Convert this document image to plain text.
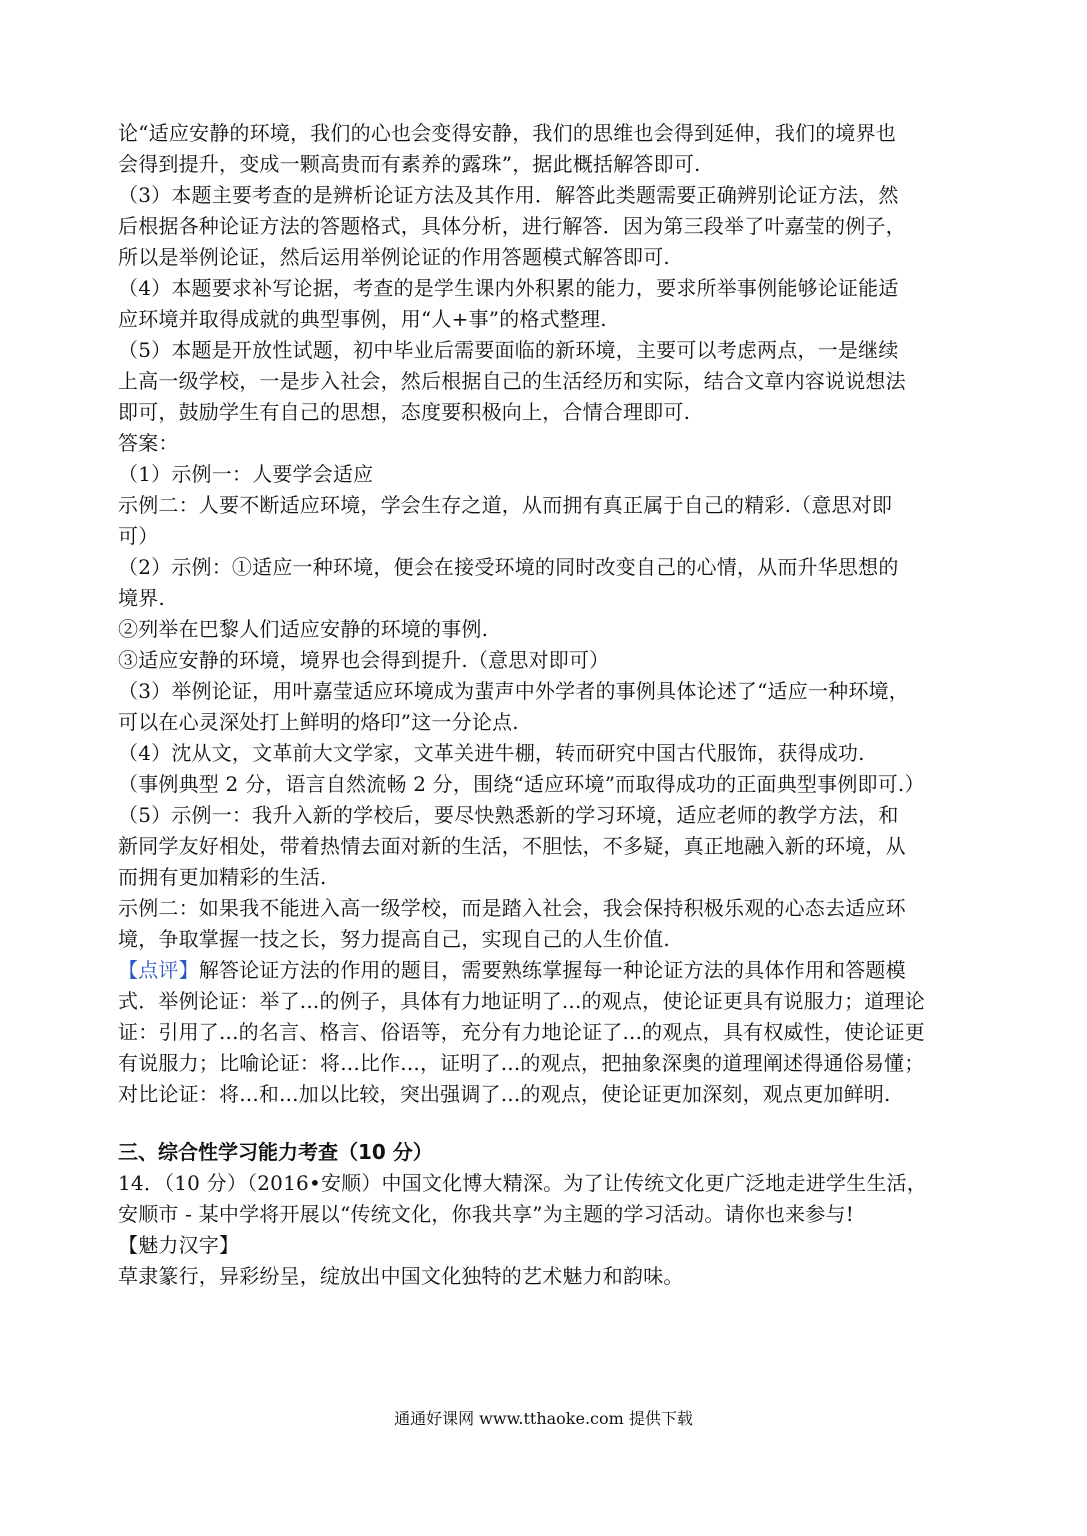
论“适应安静的环境，我们的心也会变得安静，我们的思维也会得到延伸，我们的境界也
会得到提升，变成一颗高贵而有素养的露珠”，据此概括解答即可.
（3）本题主要考查的是辨析论证方法及其作用．解答此类题需要正确辨别论证方法，然
后根据各种论证方法的答题格式，具体分析，进行解答．因为第三段举了叶嘉莹的例子，
所以是举例论证，然后运用举例论证的作用答题模式解答即可.
（4）本题要求补写论据，考查的是学生课内外积累的能力，要求所举事例能够论证能适
应环境并取得成就的典型事例，用“人+事”的格式整理.
（5）本题是开放性试题，初中毕业后需要面临的新环境，主要可以考虑两点，一是继续
上高一级学校，一是步入社会，然后根据自己的生活经历和实际，结合文章内容说说想法
即可，鼓励学生有自己的思想，态度要积极向上，合情合理即可.
答案：
（1）示例一：人要学会适应
示例二：人要不断适应环境，学会生存之道，从而拥有真正属于自己的精彩.（意思对即
可）
（2）示例：①适应一种环境，便会在接受环境的同时改变自己的心情，从而升华思想的
境界.
②列举在巴黎人们适应安静的环境的事例.
③适应安静的环境，境界也会得到提升.（意思对即可）
（3）举例论证，用叶嘉莹适应环境成为蜚声中外学者的事例具体论述了“适应一种环境，
可以在心灵深处打上鲜明的烙印”这一分论点.
（4）沈从文，文革前大文学家，文革关进牛棚，转而研究中国古代服饰，获得成功.
（事例典型 2 分，语言自然流畅 2 分，围绕“适应环境”而取得成功的正面典型事例即可.）
（5）示例一：我升入新的学校后，要尽快熟悉新的学习环境，适应老师的教学方法，和
新同学友好相处，带着热情去面对新的生活，不胆怯，不多疑，真正地融入新的环境，从
而拥有更加精彩的生活.
示例二：如果我不能进入高一级学校，而是踏入社会，我会保持积极乐观的心态去适应环
境，争取掌握一技之长，努力提高自己，实现自己的人生价值.
【点评】解答论证方法的作用的题目，需要熟练掌握每一种论证方法的具体作用和答题模
式．举例论证：举了...的例子，具体有力地证明了...的观点，使论证更具有说服力；道理论
证：引用了...的名言、格言、俗语等，充分有力地论证了...的观点，具有权威性，使论证更
有说服力；比喻论证：将...比作...，证明了...的观点，把抽象深奥的道理阐述得通俗易懂；
对比论证：将...和...加以比较，突出强调了...的观点，使论证更加深刻，观点更加鲜明.
三、综合性学习能力考查（10 分）
14．（10 分）（2016•安顺）中国文化博大精深。为了让传统文化更广泛地走进学生生活，
安顺市 - 某中学将开展以“传统文化，你我共享”为主题的学习活动。请你也来参与!
【魅力汉字】
草隶篆行，异彩纷呈，绽放出中国文化独特的艺术魅力和韵味。
通通好课网 www.tthaoke.com 提供下载
